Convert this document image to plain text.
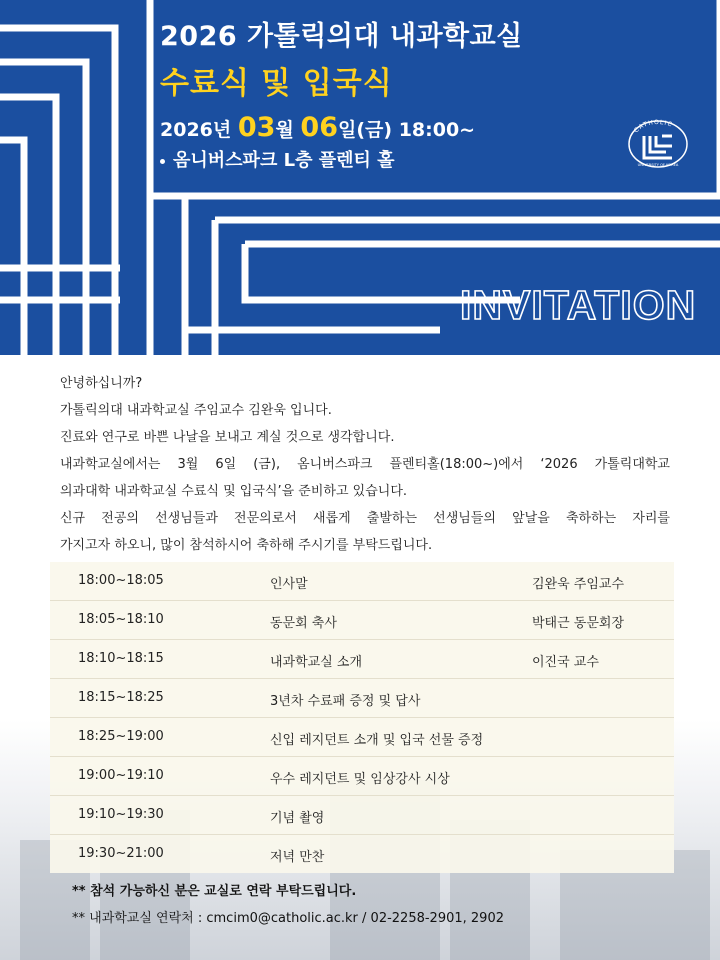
2026 가톨릭의대 내과학교실
수료식 및 입국식
2026년 03월 06일(금) 18:00~
옴니버스파크 L층 플렌티 홀
CATHOLIC
UNIVERSITY OF KOREA
INVITATION

안녕하십니까?

가톨릭의대 내과학교실 주임교수 김완욱 입니다.

진료와 연구로 바쁜 나날을 보내고 계실 것으로 생각합니다.

내과학교실에서는 3월 6일 (금), 옴니버스파크 플렌티홀(18:00~)에서 ‘2026 가톨릭대학교

의과대학 내과학교실 수료식 및 입국식’을 준비하고 있습니다.

신규 전공의 선생님들과 전문의로서 새롭게 출발하는 선생님들의 앞날을 축하하는 자리를

가지고자 하오니, 많이 참석하시어 축하해 주시기를 부탁드립니다.

18:00~18:05	인사말	김완욱 주임교수
18:05~18:10	동문회 축사	박태근 동문회장
18:10~18:15	내과학교실 소개	이진국 교수
18:15~18:25	3년차 수료패 증정 및 답사
18:25~19:00	신입 레지던트 소개 및 입국 선물 증정
19:00~19:10	우수 레지던트 및 임상강사 시상
19:10~19:30	기념 촬영
19:30~21:00	저녁 만찬
** 참석 가능하신 분은 교실로 연락 부탁드립니다.
** 내과학교실 연락처 : cmcim0@catholic.ac.kr / 02-2258-2901, 2902
